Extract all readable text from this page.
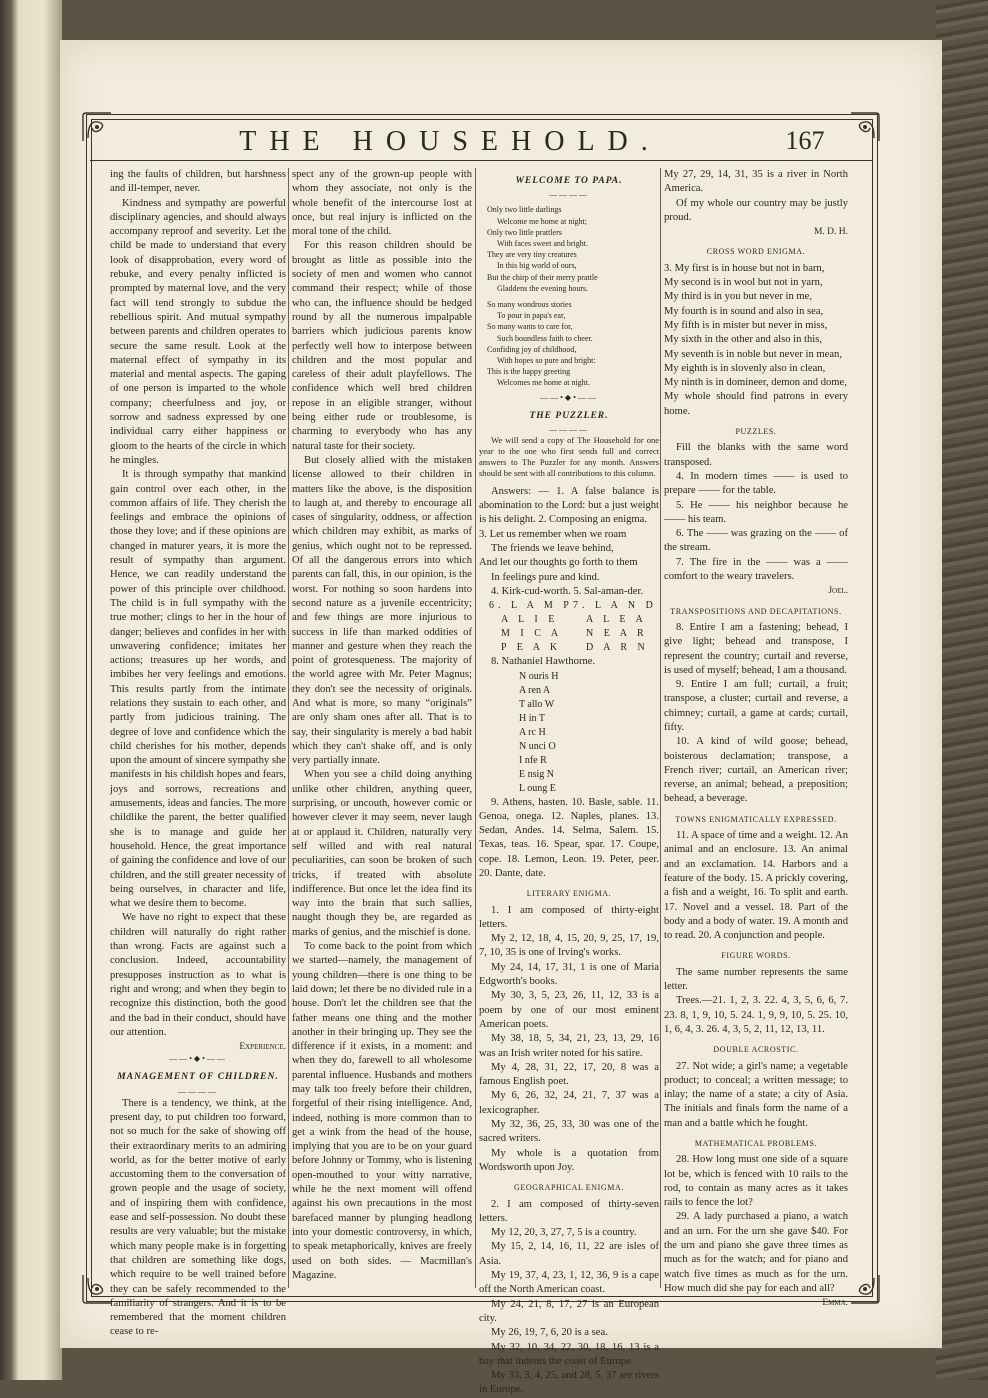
THE HOUSEHOLD.	167

ing the faults of children, but harshness and ill-temper, never.

Kindness and sympathy are powerful disciplinary agencies, and should always accompany reproof and severity. Let the child be made to understand that every look of disapprobation, every word of rebuke, and every penalty inflicted is prompted by maternal love, and the very fact will tend strongly to subdue the rebellious spirit. And mutual sympathy between parents and children operates to secure the same result. Look at the maternal effect of sympathy in its material and mental aspects. The gaping of one person is imparted to the whole company; cheerfulness and joy, or sorrow and sadness expressed by one individual carry either happiness or gloom to the hearts of the circle in which he mingles.

It is through sympathy that mankind gain control over each other, in the common affairs of life. They cherish the feelings and embrace the opinions of those they love; and if these opinions are changed in maturer years, it is more the result of sympathy than argument. Hence, we can readily understand the power of this principle over childhood. The child is in full sympathy with the true mother; clings to her in the hour of danger; believes and confides in her with unwavering confidence; imitates her actions; treasures up her words, and imbibes her very feelings and emotions. This results partly from the intimate relations they sustain to each other, and partly from judicious training. The degree of love and confidence which the child cherishes for his mother, depends upon the amount of sincere sympathy she manifests in his childish hopes and fears, joys and sorrows, recreations and amusements, ideas and fancies. The more childlike the parent, the better qualified she is to manage and guide her household. Hence, the great importance of gaining the confidence and love of our children, and the still greater necessity of being ourselves, in character and life, what we desire them to become.

We have no right to expect that these children will naturally do right rather than wrong. Facts are against such a conclusion. Indeed, accountability presupposes instruction as to what is right and wrong; and when they begin to recognize this distinction, both the good and the bad in their conduct, should have our attention.

Experience.
——•◆•——
MANAGEMENT OF CHILDREN.
————

There is a tendency, we think, at the present day, to put children too forward, not so much for the sake of showing off their extraordinary merits to an admiring world, as for the better motive of early accustoming them to the conversation of grown people and the usage of society, and of inspiring them with confidence, ease and self-possession. No doubt these results are very valuable; but the mistake which many people make is in forgetting that children are something like dogs, which require to be well trained before they can be safely recommended to the familiarity of strangers. And it is to be remembered that the moment children cease to re-

spect any of the grown-up people with whom they associate, not only is the whole benefit of the intercourse lost at once, but real injury is inflicted on the moral tone of the child.

For this reason children should be brought as little as possible into the society of men and women who cannot command their respect; while of those who can, the influence should be hedged round by all the numerous impalpable barriers which judicious parents know perfectly well how to interpose between children and the most popular and careless of their adult playfellows. The confidence which well bred children repose in an eligible stranger, without being either rude or troublesome, is charming to everybody who has any natural taste for their society.

But closely allied with the mistaken license allowed to their children in matters like the above, is the disposition to laugh at, and thereby to encourage all cases of singularity, oddness, or affection which children may exhibit, as marks of genius, which ought not to be repressed. Of all the dangerous errors into which parents can fall, this, in our opinion, is the worst. For nothing so soon hardens into second nature as a juvenile eccentricity; and few things are more injurious to success in life than marked oddities of manner and gesture when they reach the point of grotesqueness. The majority of the world agree with Mr. Peter Magnus; they don't see the necessity of originals. And what is more, so many “originals” are only sham ones after all. That is to say, their singularity is merely a bad habit which they can't shake off, and is only very partially innate.

When you see a child doing anything unlike other children, anything queer, surprising, or uncouth, however comic or however clever it may seem, never laugh at or applaud it. Children, naturally very self willed and with real natural peculiarities, can soon be broken of such tricks, if treated with absolute indifference. But once let the idea find its way into the brain that such sallies, naught though they be, are regarded as marks of genius, and the mischief is done.

To come back to the point from which we started—namely, the management of young children—there is one thing to be laid down; let there be no divided rule in a house. Don't let the children see that the father means one thing and the mother another in their bringing up. They see the difference if it exists, in a moment: and when they do, farewell to all wholesome parental influence. Husbands and mothers may talk too freely before their children, forgetful of their rising intelligence. And, indeed, nothing is more common than to get a wink from the head of the house, implying that you are to be on your guard before Johnny or Tommy, who is listening open-mouthed to your witty narrative, while he the next moment will offend against his own precautions in the most barefaced manner by plunging headlong into your domestic controversy, in which, to speak metaphorically, knives are freely used on both sides. — Macmillan's Magazine.

WELCOME TO PAPA.
————
Only two little darlings
Welcome me home at night;
Only two little prattlers
With faces sweet and bright.
They are very tiny creatures
In this big world of ours,
But the chirp of their merry prattle
Gladdens the evening hours.
So many wondrous stories
To pour in papa's ear,
So many wants to care for,
Such boundless faith to cheer.
Confiding joy of childhood,
With hopes so pure and bright:
This is the happy greeting
Welcomes me home at night.
——•◆•——
THE PUZZLER.
————

We will send a copy of The Household for one year to the one who first sends full and correct answers to The Puzzler for any month. Answers should be sent with all contributions to this column.

Answers: — 1. A false balance is abomination to the Lord: but a just weight is his delight. 2. Composing an enigma.

3. Let us remember when we roam

The friends we leave behind,

And let our thoughts go forth to them

In feelings pure and kind.

4. Kirk-cud-worth. 5. Sal-aman-der.

6. L A M P 7. L A N D
A L I E	A L E A
M I C A	N E A R
P E A K	D A R N

8. Nathaniel Hawthorne.

N ouris H
A ren A
T allo W
H in T
A rc H
N unci O
I nfe R
E nsig N
L oung E

9. Athens, hasten. 10. Basle, sable. 11. Genoa, onega. 12. Naples, planes. 13. Sedan, Andes. 14. Selma, Salem. 15. Texas, teas. 16. Spear, spar. 17. Coupe, cope. 18. Lemon, Leon. 19. Peter, peer. 20. Dante, date.

LITERARY ENIGMA.

1. I am composed of thirty-eight letters.

My 2, 12, 18, 4, 15, 20, 9, 25, 17, 19, 7, 10, 35 is one of Irving's works.

My 24, 14, 17, 31, 1 is one of Maria Edgworth's books.

My 30, 3, 5, 23, 26, 11, 12, 33 is a poem by one of our most eminent American poets.

My 38, 18, 5, 34, 21, 23, 13, 29, 16 was an Irish writer noted for his satire.

My 4, 28, 31, 22, 17, 20, 8 was a famous English poet.

My 6, 26, 32, 24, 21, 7, 37 was a lexicographer.

My 32, 36, 25, 33, 30 was one of the sacred writers.

My whole is a quotation from Wordsworth upon Joy.

GEOGRAPHICAL ENIGMA.

2. I am composed of thirty-seven letters.

My 12, 20, 3, 27, 7, 5 is a country.

My 15, 2, 14, 16, 11, 22 are isles of Asia.

My 19, 37, 4, 23, 1, 12, 36, 9 is a cape off the North American coast.

My 24, 21, 8, 17, 27 is an European city.

My 26, 19, 7, 6, 20 is a sea.

My 32, 10, 34, 22, 30, 18, 16, 13 is a bay that indents the coast of Europe.

My 33, 3, 4, 25, and 28, 5, 37 are rivers in Europe.

My 27, 29, 14, 31, 35 is a river in North America.

Of my whole our country may be justly proud.

M. D. H.
CROSS WORD ENIGMA.

3. My first is in house but not in barn,

My second is in wool but not in yarn,

My third is in you but never in me,

My fourth is in sound and also in sea,

My fifth is in mister but never in miss,

My sixth in the other and also in this,

My seventh is in noble but never in mean,

My eighth is in slovenly also in clean,

My ninth is in domineer, demon and dome,

My whole should find patrons in every home.

PUZZLES.

Fill the blanks with the same word transposed.

4. In modern times —— is used to prepare —— for the table.

5. He —— his neighbor because he —— his team.

6. The —— was grazing on the —— of the stream.

7. The fire in the —— was a —— comfort to the weary travelers.

Joel.
TRANSPOSITIONS AND DECAPITATIONS.

8. Entire I am a fastening; behead, I give light; behead and transpose, I represent the country; curtail and reverse, is used of myself; behead, I am a thousand.

9. Entire I am full; curtail, a fruit; transpose, a cluster; curtail and reverse, a chimney; curtail, a game at cards; curtail, fifty.

10. A kind of wild goose; behead, boisterous declamation; transpose, a French river; curtail, an American river; reverse, an animal; behead, a preposition; behead, a beverage.

TOWNS ENIGMATICALLY EXPRESSED.

11. A space of time and a weight. 12. An animal and an enclosure. 13. An animal and an exclamation. 14. Harbors and a feature of the body. 15. A prickly covering, a fish and a weight, 16. To split and earth. 17. Novel and a vessel. 18. Part of the body and a body of water. 19. A month and to read. 20. A conjunction and people.

FIGURE WORDS.

The same number represents the same letter.

Trees.—21. 1, 2, 3. 22. 4, 3, 5, 6, 6, 7. 23. 8, 1, 9, 10, 5. 24. 1, 9, 9, 10, 5. 25. 10, 1, 6, 4, 3. 26. 4, 3, 5, 2, 11, 12, 13, 11.

DOUBLE ACROSTIC.

27. Not wide; a girl's name; a vegetable product; to conceal; a written message; to inlay; the name of a state; a city of Asia. The initials and finals form the name of a man and a battle which he fought.

MATHEMATICAL PROBLEMS.

28. How long must one side of a square lot be, which is fenced with 10 rails to the rod, to contain as many acres as it takes rails to fence the lot?

29. A lady purchased a piano, a watch and an urn. For the urn she gave $40. For the urn and piano she gave three times as much as for the watch; and for piano and watch five times as much as for the urn. How much did she pay for each and all?

Emma.
